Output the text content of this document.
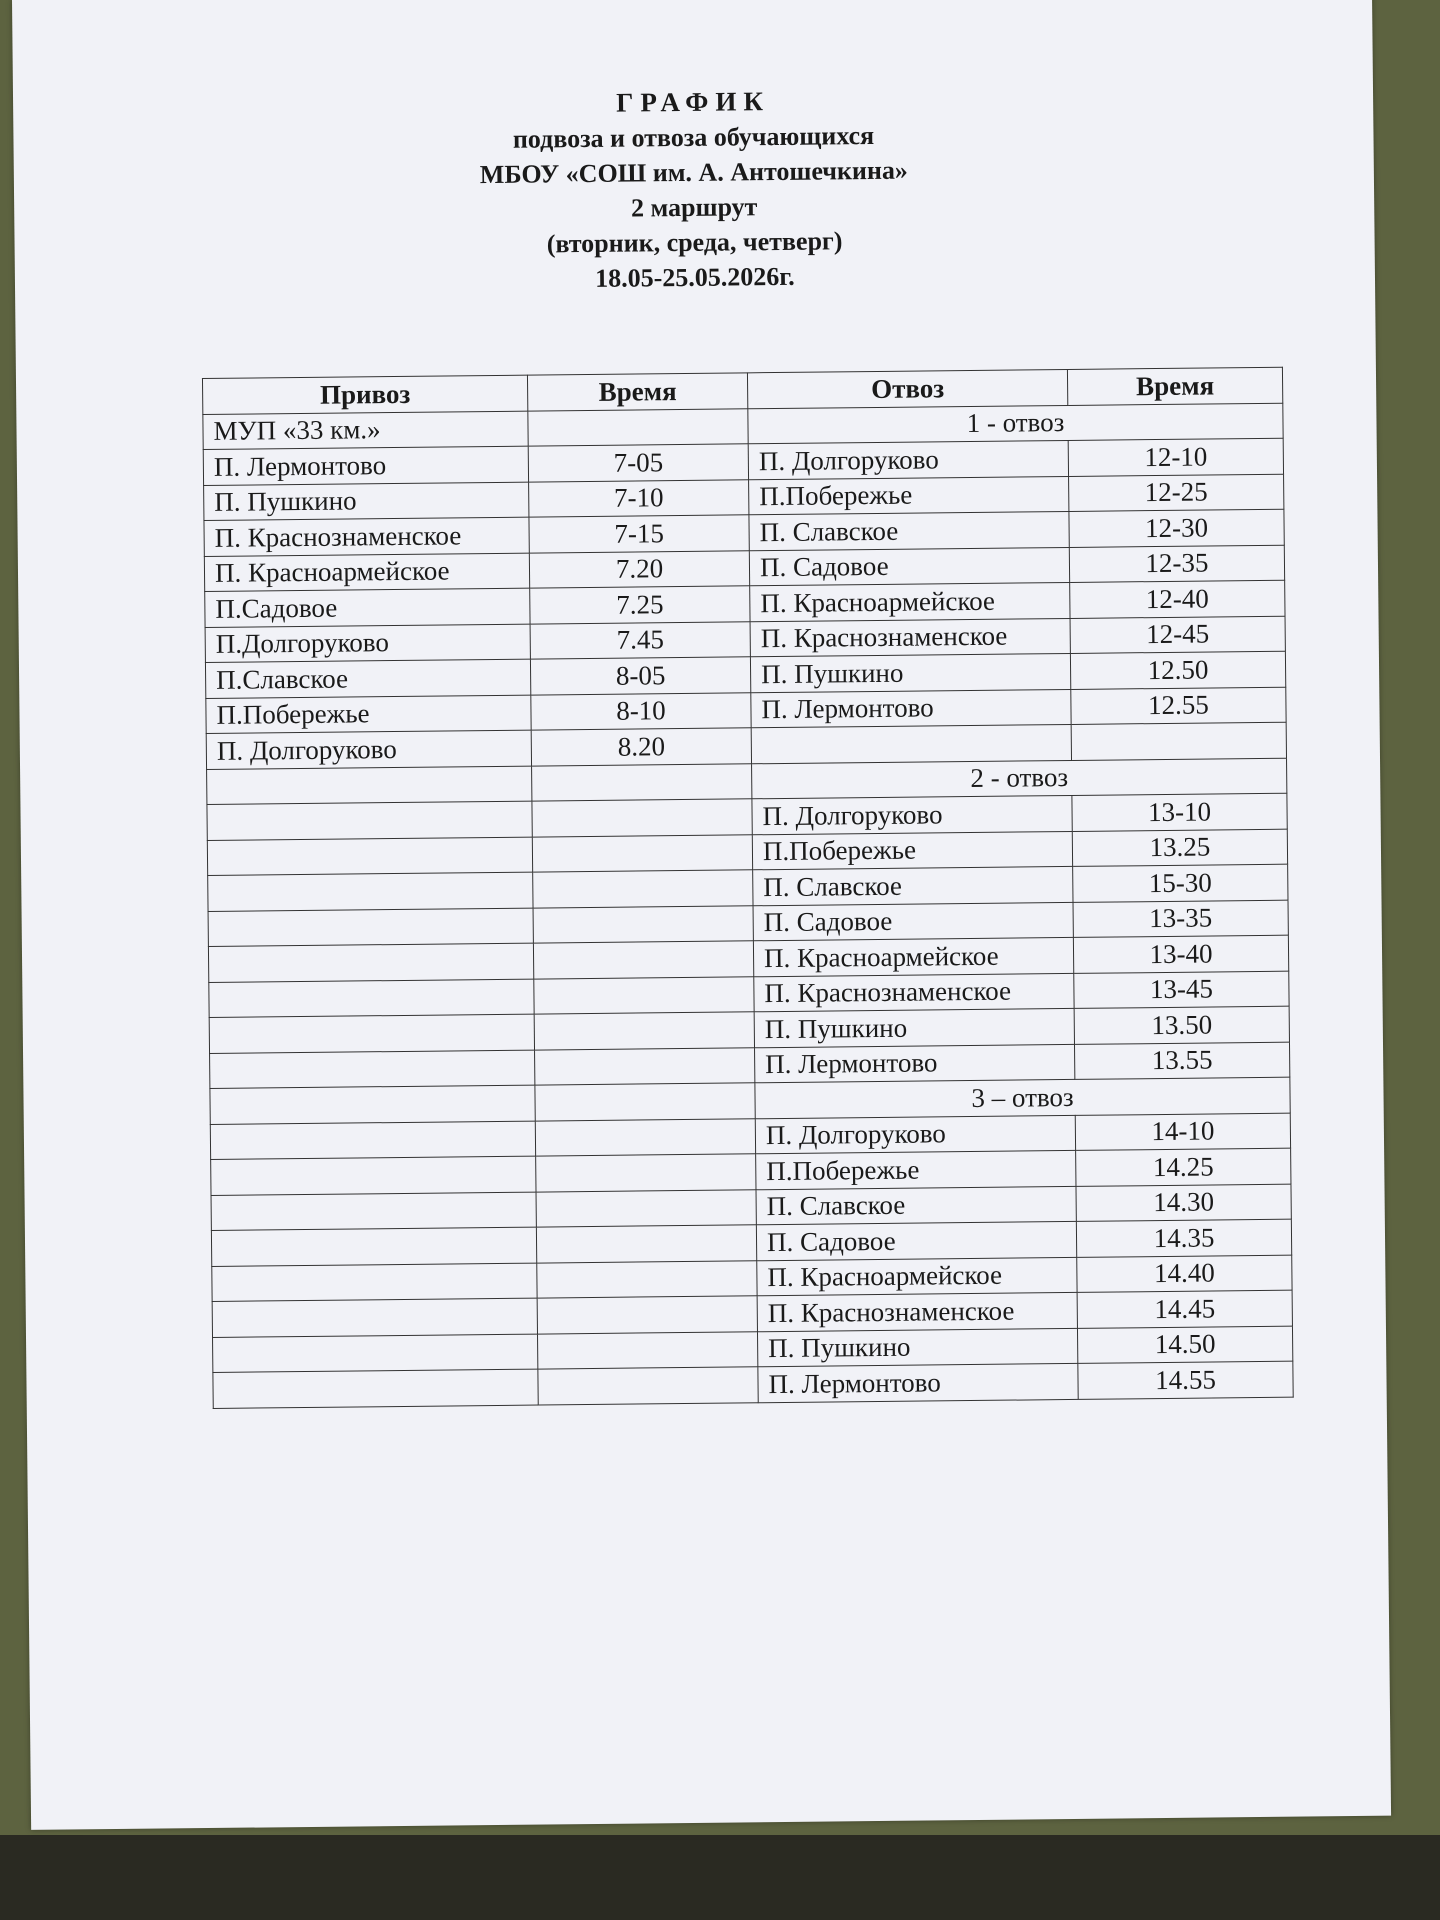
ГРАФИК
подвоза и отвоза обучающихся
МБОУ «СОШ им. А. Антошечкина»
2 маршрут
(вторник, среда, четверг)
18.05-25.05.2026г.
Привоз	Время	Отвоз	Время
МУП «33 км.»		1 - отвоз	
П. Лермонтово	7-05	П. Долгоруково	12-10
П. Пушкино	7-10	П.Побережье	12-25
П. Краснознаменское	7-15	П. Славское	12-30
П. Красноармейское	7.20	П. Садовое	12-35
П.Садовое	7.25	П. Красноармейское	12-40
П.Долгоруково	7.45	П. Краснознаменское	12-45
П.Славское	8-05	П. Пушкино	12.50
П.Побережье	8-10	П. Лермонтово	12.55
П. Долгоруково	8.20		
		2 - отвоз	
		П. Долгоруково	13-10
		П.Побережье	13.25
		П. Славское	15-30
		П. Садовое	13-35
		П. Красноармейское	13-40
		П. Краснознаменское	13-45
		П. Пушкино	13.50
		П. Лермонтово	13.55
		3 – отвоз	
		П. Долгоруково	14-10
		П.Побережье	14.25
		П. Славское	14.30
		П. Садовое	14.35
		П. Красноармейское	14.40
		П. Краснознаменское	14.45
		П. Пушкино	14.50
		П. Лермонтово	14.55
